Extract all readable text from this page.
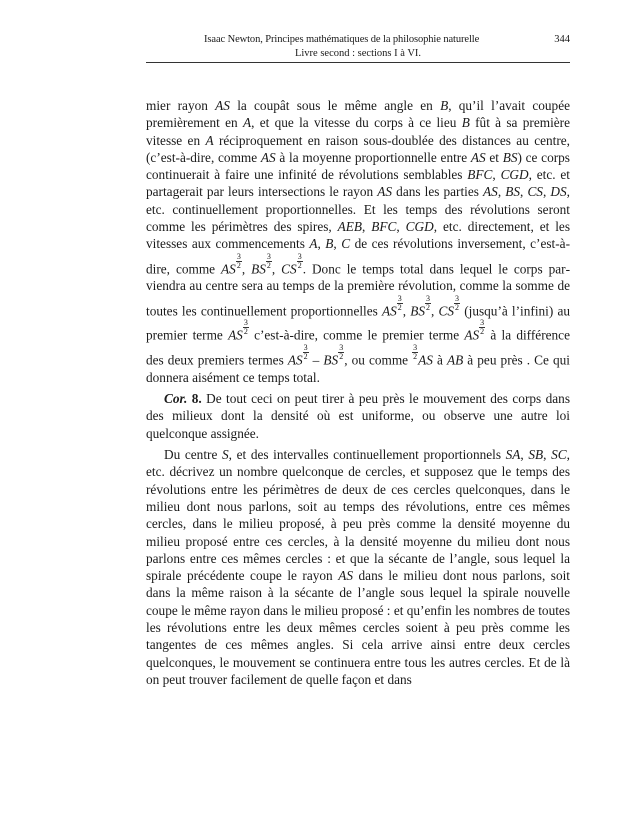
Isaac Newton, Principes mathématiques de la philosophie naturelle	344
Livre second : sections I à VI.

mier rayon AS la coupât sous le même angle en B, qu’il l’avait coupée premièrement en A, et que la vitesse du corps à ce lieu B fût à sa première vitesse en A réciproquement en raison sous-doublée des distances au centre, (c’est-à-dire, comme AS à la moyenne proportionnelle entre AS et BS) ce corps continuerait à faire une infinité de révolutions semblables BFC, CGD, etc. et partagerait par leurs intersections le rayon AS dans les parties AS, BS, CS, DS, etc. continuellement proportionnelles. Et les temps des révolutions seront comme les périmètres des spires, AEB, BFC, CGD, etc. directement, et les vitesses aux commencements A, B, C de ces révolutions inversement, c’est-à-dire, comme AS $\frac{3}{2}$ , BS $\frac{3}{2}$ , CS $\frac{3}{2}$ . Donc le temps total dans lequel le corps parviendra au centre sera au temps de la première révolution, comme la somme de toutes les continuellement proportionnelles AS $\frac{3}{2}$ , BS $\frac{3}{2}$ , CS $\frac{3}{2}$ (jusqu’à l’infini) au premier terme AS $\frac{3}{2}$ c’est-à-dire, comme le premier terme AS $\frac{3}{2}$ à la différence des deux premiers termes AS $\frac{3}{2}$ – BS $\frac{3}{2}$ , ou comme $\frac{3}{2}$ AS à AB à peu près . Ce qui donnera aisément ce temps total.

Cor. 8. De tout ceci on peut tirer à peu près le mouvement des corps dans des milieux dont la densité où est uniforme, ou observe une autre loi quelconque assignée.

Du centre S, et des intervalles continuellement proportionnels SA, SB, SC, etc. décrivez un nombre quelconque de cercles, et supposez que le temps des révolutions entre les périmètres de deux de ces cercles quelconques, dans le milieu dont nous parlons, soit au temps des révolutions, entre ces mêmes cercles, dans le milieu proposé, à peu près comme la densité moyenne du milieu proposé entre ces cercles, à la densité moyenne du milieu dont nous parlons entre ces mêmes cercles : et que la sécante de l’angle, sous lequel la spirale précédente coupe le rayon AS dans le milieu dont nous parlons, soit dans la même raison à la sécante de l’angle sous lequel la spirale nouvelle coupe le même rayon dans le milieu proposé : et qu’enfin les nombres de toutes les révolutions entre les deux mêmes cercles soient à peu près comme les tangentes de ces mêmes angles. Si cela arrive ainsi entre deux cercles quelconques, le mouvement se continuera entre tous les autres cercles. Et de là on peut trouver facilement de quelle façon et dans
